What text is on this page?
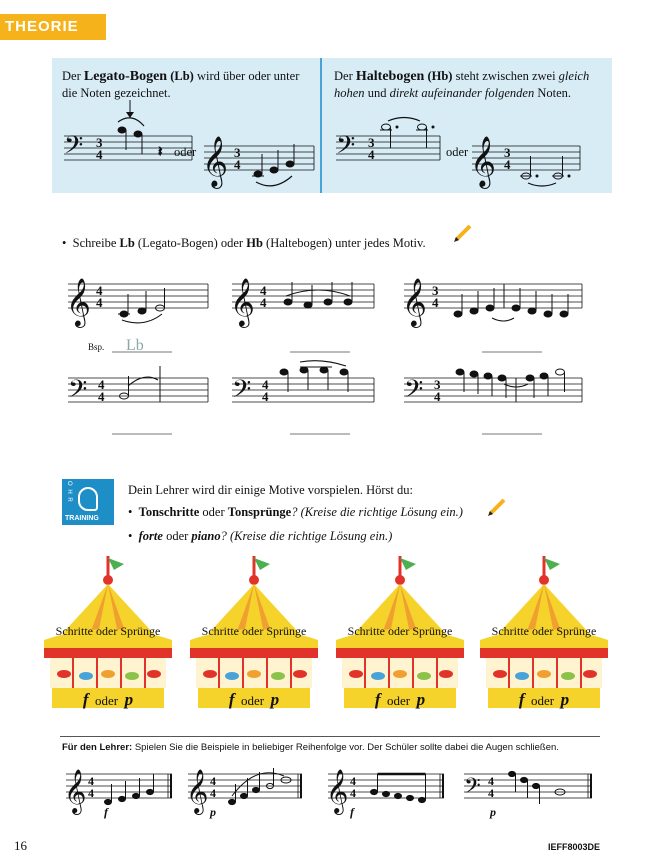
THEORIE
Der Legato-Bogen (Lb) wird über oder unter die Noten gezeichnet.
Der Haltebogen (Hb) steht zwischen zwei gleich hohen und direkt aufeinander folgenden Noten.
𝄢	𝄞	𝄢	𝄞
3
4	3
4
3
4	3
4
𝄽 oder	oder
• Schreibe Lb (Legato-Bogen) oder Hb (Haltebogen) unter jedes Motiv.
𝄞	𝄞	𝄞
𝄢	𝄢	𝄢
4
4
4
4
3
4
4
4
4
4
3
4
Bsp. Lb
O H R
TRAINING
Dein Lehrer wird dir einige Motive vorspielen. Hörst du:
•  Tonschritte oder Tonsprünge? (Kreise die richtige Lösung ein.)
•  forte oder piano? (Kreise die richtige Lösung ein.)
Schritte oder Sprünge
f  oder  p
Schritte oder Sprünge
f  oder  p
Schritte oder Sprünge
f  oder  p
Schritte oder Sprünge
f  oder  p
Für den Lehrer: Spielen Sie die Beispiele in beliebiger Reihenfolge vor. Der Schüler sollte dabei die Augen schließen.
𝄞	𝄞	𝄞	𝄢
4
4
4
4
4
4
4
4
f	p	f	p
16	IEFF8003DE
